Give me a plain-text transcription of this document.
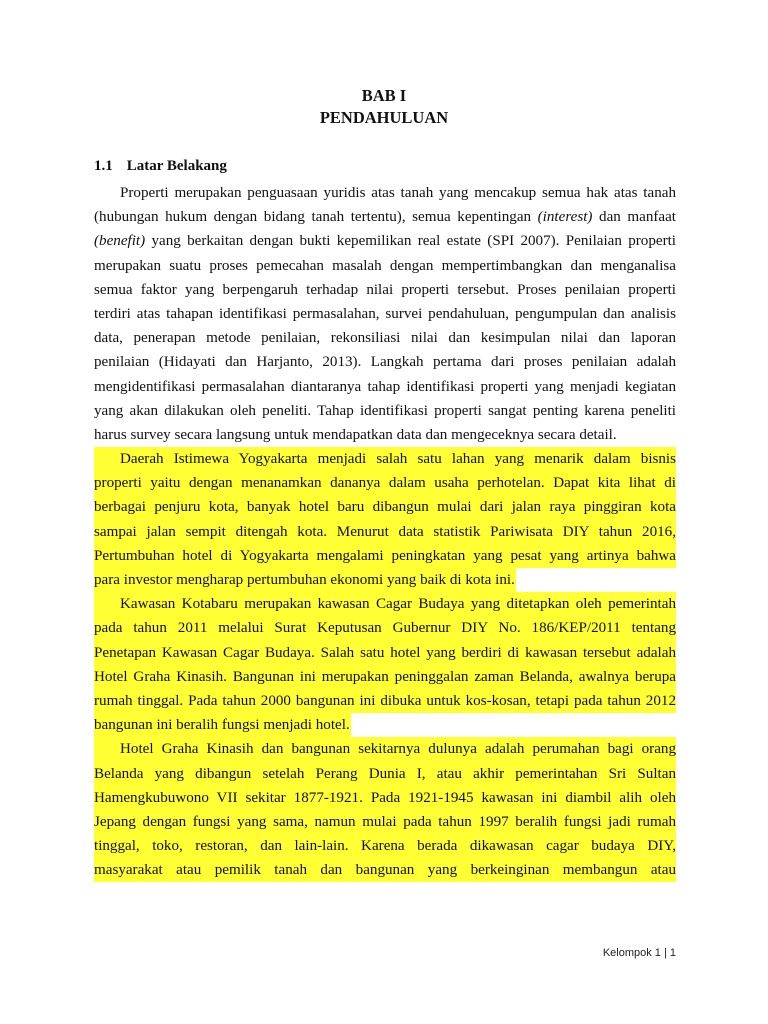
BAB I
PENDAHULUAN
1.1 Latar Belakang
Properti merupakan penguasaan yuridis atas tanah yang mencakup semua hak atas tanah
(hubungan hukum dengan bidang tanah tertentu), semua kepentingan (interest) dan manfaat
(benefit) yang berkaitan dengan bukti kepemilikan real estate (SPI 2007). Penilaian properti
merupakan suatu proses pemecahan masalah dengan mempertimbangkan dan menganalisa
semua faktor yang berpengaruh terhadap nilai properti tersebut. Proses penilaian properti
terdiri atas tahapan identifikasi permasalahan, survei pendahuluan, pengumpulan dan analisis
data, penerapan metode penilaian, rekonsiliasi nilai dan kesimpulan nilai dan laporan
penilaian (Hidayati dan Harjanto, 2013). Langkah pertama dari proses penilaian adalah
mengidentifikasi permasalahan diantaranya tahap identifikasi properti yang menjadi kegiatan
yang akan dilakukan oleh peneliti. Tahap identifikasi properti sangat penting karena peneliti
harus survey secara langsung untuk mendapatkan data dan mengeceknya secara detail.
Daerah Istimewa Yogyakarta menjadi salah satu lahan yang menarik dalam bisnis
properti yaitu dengan menanamkan dananya dalam usaha perhotelan. Dapat kita lihat di
berbagai penjuru kota, banyak hotel baru dibangun mulai dari jalan raya pinggiran kota
sampai jalan sempit ditengah kota. Menurut data statistik Pariwisata DIY tahun 2016,
Pertumbuhan hotel di Yogyakarta mengalami peningkatan yang pesat yang artinya bahwa
para investor mengharap pertumbuhan ekonomi yang baik di kota ini.
Kawasan Kotabaru merupakan kawasan Cagar Budaya yang ditetapkan oleh pemerintah
pada tahun 2011 melalui Surat Keputusan Gubernur DIY No. 186/KEP/2011 tentang
Penetapan Kawasan Cagar Budaya. Salah satu hotel yang berdiri di kawasan tersebut adalah
Hotel Graha Kinasih. Bangunan ini merupakan peninggalan zaman Belanda, awalnya berupa
rumah tinggal. Pada tahun 2000 bangunan ini dibuka untuk kos-kosan, tetapi pada tahun 2012
bangunan ini beralih fungsi menjadi hotel.
Hotel Graha Kinasih dan bangunan sekitarnya dulunya adalah perumahan bagi orang
Belanda yang dibangun setelah Perang Dunia I, atau akhir pemerintahan Sri Sultan
Hamengkubuwono VII sekitar 1877-1921. Pada 1921-1945 kawasan ini diambil alih oleh
Jepang dengan fungsi yang sama, namun mulai pada tahun 1997 beralih fungsi jadi rumah
tinggal, toko, restoran, dan lain-lain. Karena berada dikawasan cagar budaya DIY,
masyarakat atau pemilik tanah dan bangunan yang berkeinginan membangun atau
Kelompok 1 | 1
